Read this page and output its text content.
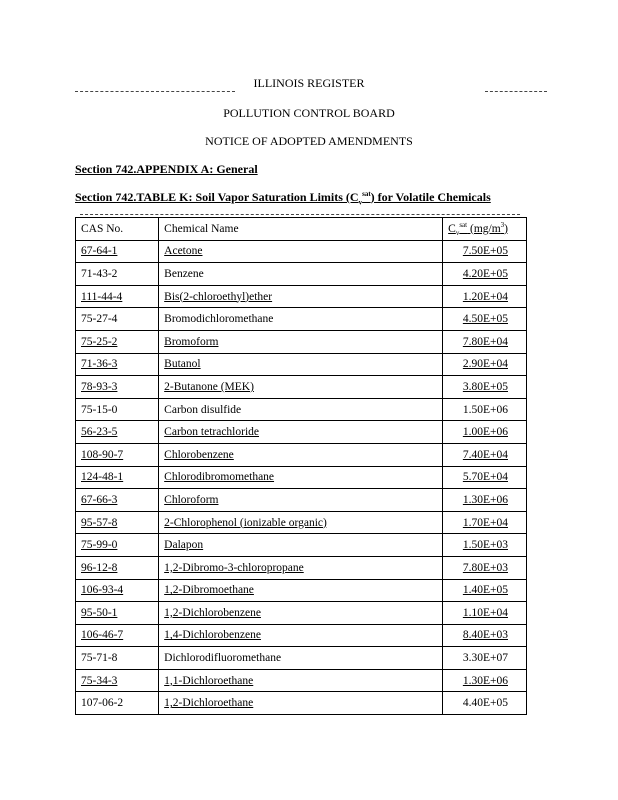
ILLINOIS REGISTER
POLLUTION CONTROL BOARD
NOTICE OF ADOPTED AMENDMENTS
Section 742.APPENDIX A: General
Section 742.TABLE K: Soil Vapor Saturation Limits $(C_v^{sat})$ for Volatile Chemicals
CAS No.	Chemical Name	$C_v^{sat}$ $(mg/m^3)$
67-64-1	Acetone	7.50E+05
71-43-2	Benzene	4.20E+05
111-44-4	Bis(2-chloroethyl)ether	1.20E+04
75-27-4	Bromodichloromethane	4.50E+05
75-25-2	Bromoform	7.80E+04
71-36-3	Butanol	2.90E+04
78-93-3	2-Butanone (MEK)	3.80E+05
75-15-0	Carbon disulfide	1.50E+06
56-23-5	Carbon tetrachloride	1.00E+06
108-90-7	Chlorobenzene	7.40E+04
124-48-1	Chlorodibromomethane	5.70E+04
67-66-3	Chloroform	1.30E+06
95-57-8	2-Chlorophenol (ionizable organic)	1.70E+04
75-99-0	Dalapon	1.50E+03
96-12-8	1,2-Dibromo-3-chloropropane	7.80E+03
106-93-4	1,2-Dibromoethane	1.40E+05
95-50-1	1,2-Dichlorobenzene	1.10E+04
106-46-7	1,4-Dichlorobenzene	8.40E+03
75-71-8	Dichlorodifluoromethane	3.30E+07
75-34-3	1,1-Dichloroethane	1.30E+06
107-06-2	1,2-Dichloroethane	4.40E+05
